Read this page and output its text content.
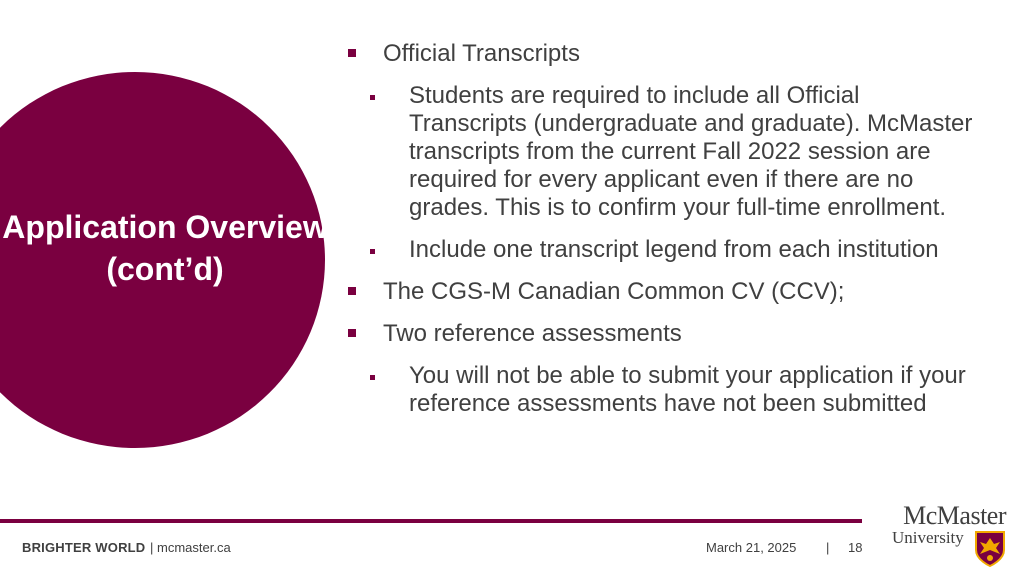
Application Overview (cont’d)
Official Transcripts
Students are required to include all Official Transcripts (undergraduate and graduate). McMaster transcripts from the current Fall 2022 session are required for every applicant even if there are no grades. This is to confirm your full-time enrollment.
Include one transcript legend from each institution
The CGS-M Canadian Common CV (CCV);
Two reference assessments
You will not be able to submit your application if your reference assessments have not been submitted
BRIGHTER WORLD | mcmaster.ca	March 21, 2025 | 18
McMaster
University
